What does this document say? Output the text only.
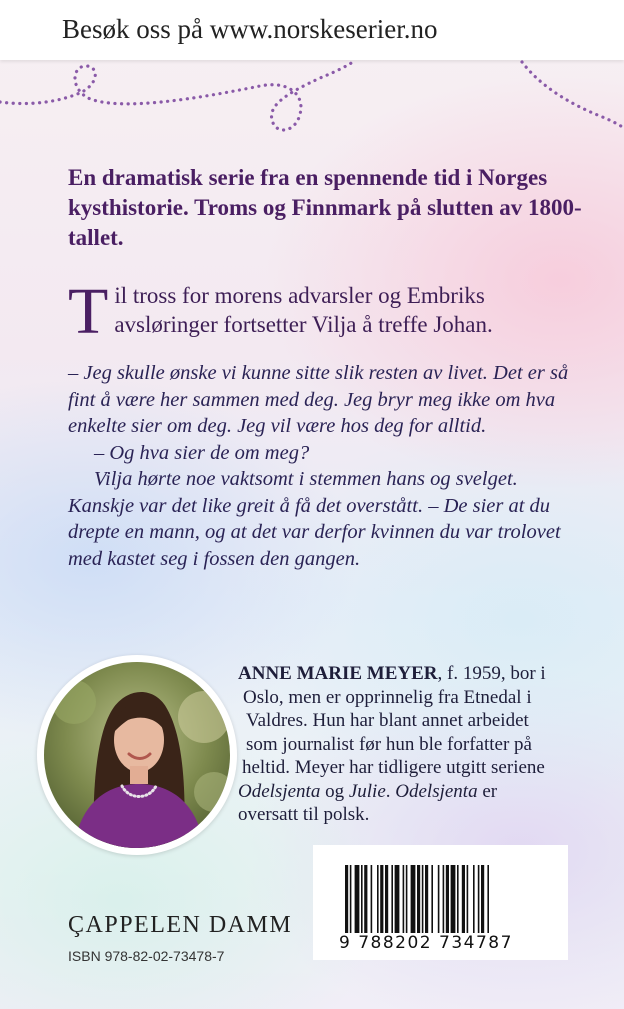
Besøk oss på www.norskeserier.no

En dramatisk serie fra en spennende tid i Norges kysthistorie. Troms og Finnmark på slutten av 1800-tallet.

Til tross for morens advarsler og Embriks avsløringer fortsetter Vilja å treffe Johan.

– Jeg skulle ønske vi kunne sitte slik resten av livet. Det er så fint å være her sammen med deg. Jeg bryr meg ikke om hva enkelte sier om deg. Jeg vil være hos deg for alltid.

– Og hva sier de om meg?

Vilja hørte noe vaktsomt i stemmen hans og svelget. Kanskje var det like greit å få det overstått. – De sier at du drepte en mann, og at det var derfor kvinnen du var trolovet med kastet seg i fossen den gangen.

ANNE MARIE MEYER, f. 1959, bor i
Oslo, men er opprinnelig fra Etnedal i
Valdres. Hun har blant annet arbeidet
som journalist før hun ble forfatter på
heltid. Meyer har tidligere utgitt seriene
Odelsjenta og Julie. Odelsjenta er
oversatt til polsk.
9 788202 734787
ÇAPPELEN DAMM
ISBN 978-82-02-73478-7
